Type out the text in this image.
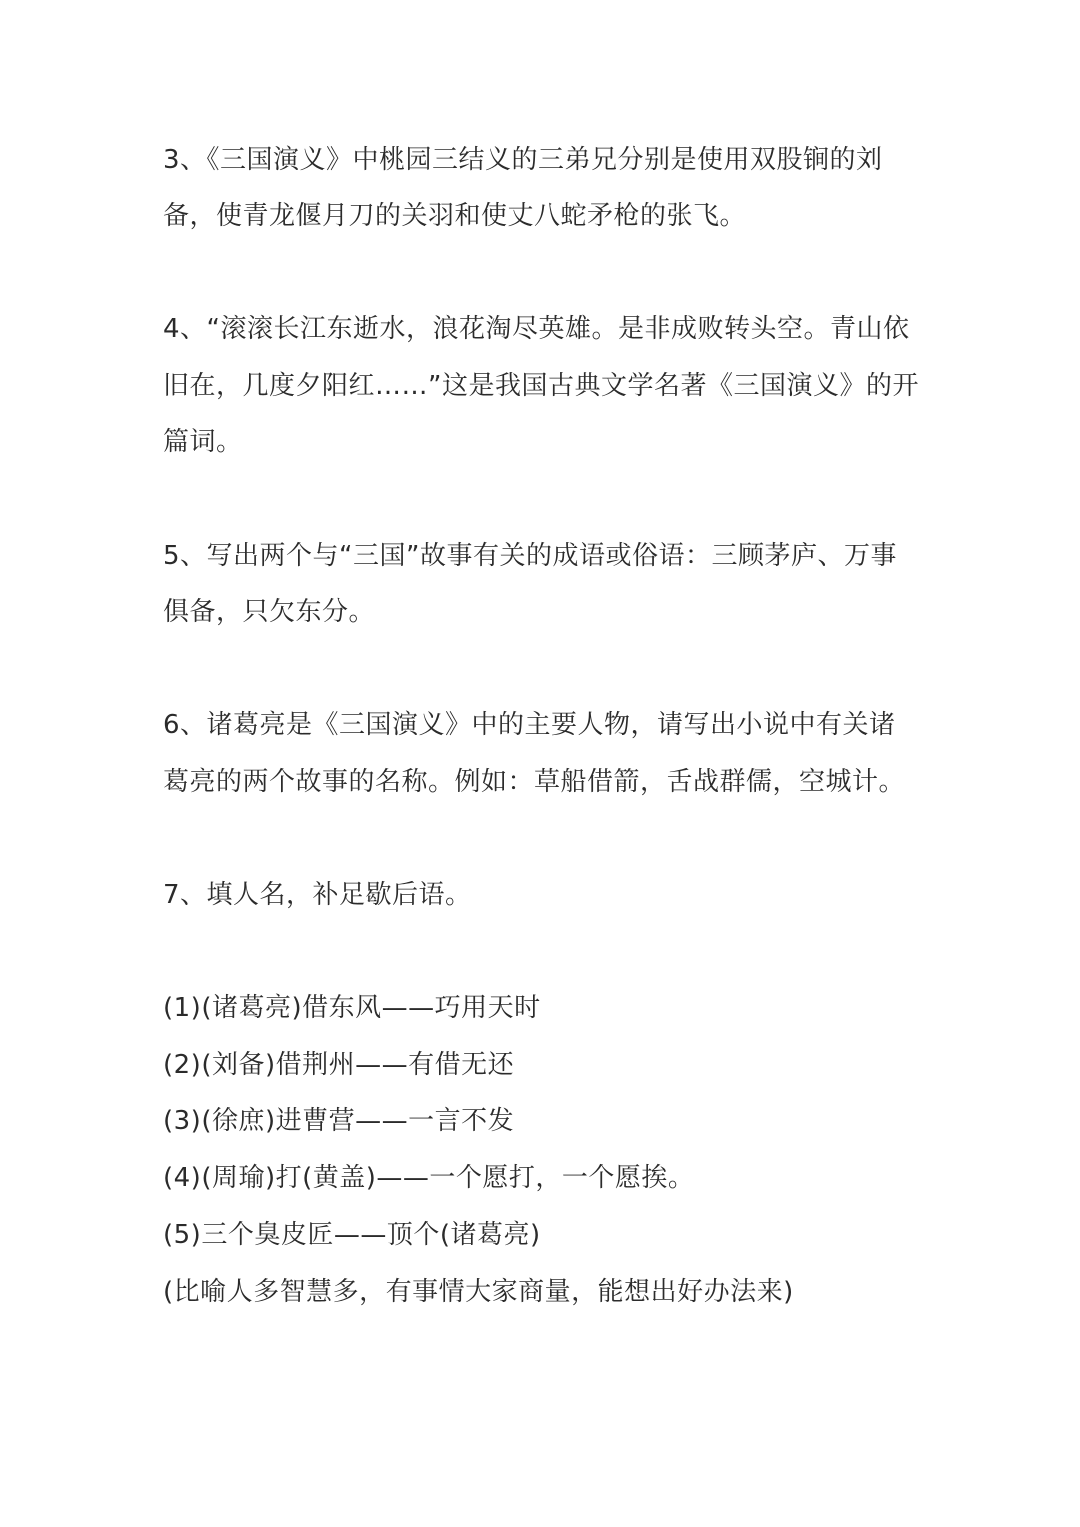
3、《三国演义》中桃园三结义的三弟兄分别是使用双股锏的刘
备，使青龙偃月刀的关羽和使丈八蛇矛枪的张飞。
4、“滚滚长江东逝水，浪花淘尽英雄。是非成败转头空。青山依
旧在，几度夕阳红……”这是我国古典文学名著《三国演义》的开
篇词。
5、写出两个与“三国”故事有关的成语或俗语：三顾茅庐、万事
俱备，只欠东分。
6、诸葛亮是《三国演义》中的主要人物，请写出小说中有关诸
葛亮的两个故事的名称。例如：草船借箭，舌战群儒，空城计。
7、填人名，补足歇后语。
(1)(诸葛亮)借东风——巧用天时
(2)(刘备)借荆州——有借无还
(3)(徐庶)进曹营——一言不发
(4)(周瑜)打(黄盖)——一个愿打，一个愿挨。
(5)三个臭皮匠——顶个(诸葛亮)
(比喻人多智慧多，有事情大家商量，能想出好办法来)
